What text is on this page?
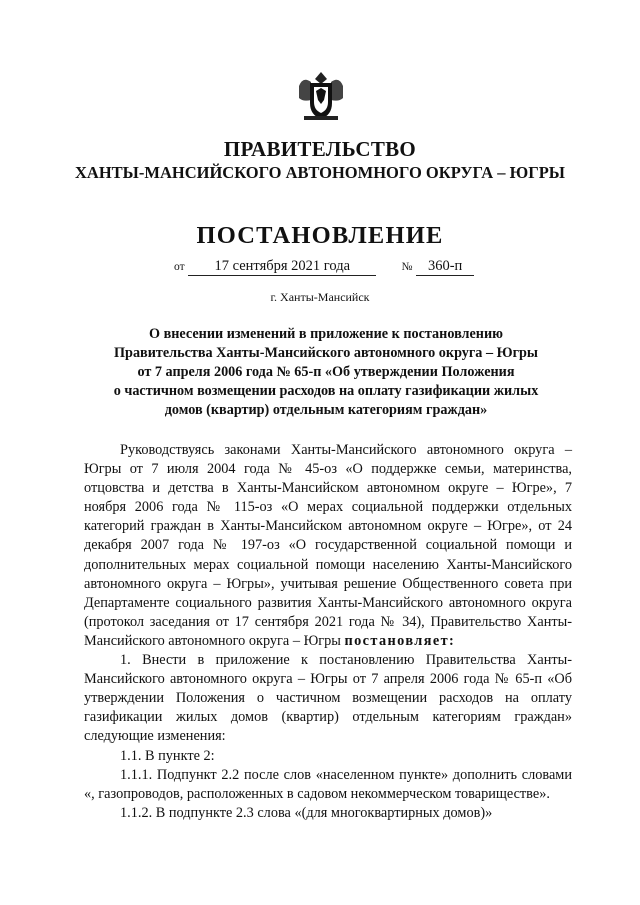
ПРАВИТЕЛЬСТВО
ХАНТЫ-МАНСИЙСКОГО АВТОНОМНОГО ОКРУГА – ЮГРЫ
ПОСТАНОВЛЕНИЕ
от 17 сентября 2021 года	№ 360-п
г. Ханты-Мансийск
О внесении изменений в приложение к постановлению
Правительства Ханты-Мансийского автономного округа – Югры
от 7 апреля 2006 года № 65-п «Об утверждении Положения
о частичном возмещении расходов на оплату газификации жилых
домов (квартир) отдельным категориям граждан»

Руководствуясь законами Ханты-Мансийского автономного округа – Югры от 7 июля 2004 года № 45-оз «О поддержке семьи, материнства, отцовства и детства в Ханты-Мансийском автономном округе – Югре», 7 ноября 2006 года № 115-оз «О мерах социальной поддержки отдельных категорий граждан в Ханты-Мансийском автономном округе – Югре», от 24 декабря 2007 года № 197-оз «О государственной социальной помощи и дополнительных мерах социальной помощи населению Ханты-Мансийского автономного округа – Югры», учитывая решение Общественного совета при Департаменте социального развития Ханты-Мансийского автономного округа (протокол заседания от 17 сентября 2021 года № 34), Правительство Ханты-Мансийского автономного округа – Югры постановляет:

1. Внести в приложение к постановлению Правительства Ханты-Мансийского автономного округа – Югры от 7 апреля 2006 года № 65-п «Об утверждении Положения о частичном возмещении расходов на оплату газификации жилых домов (квартир) отдельным категориям граждан» следующие изменения:

1.1. В пункте 2:

1.1.1. Подпункт 2.2 после слов «населенном пункте» дополнить словами «, газопроводов, расположенных в садовом некоммерческом товариществе».

1.1.2. В подпункте 2.3 слова «(для многоквартирных домов)»
